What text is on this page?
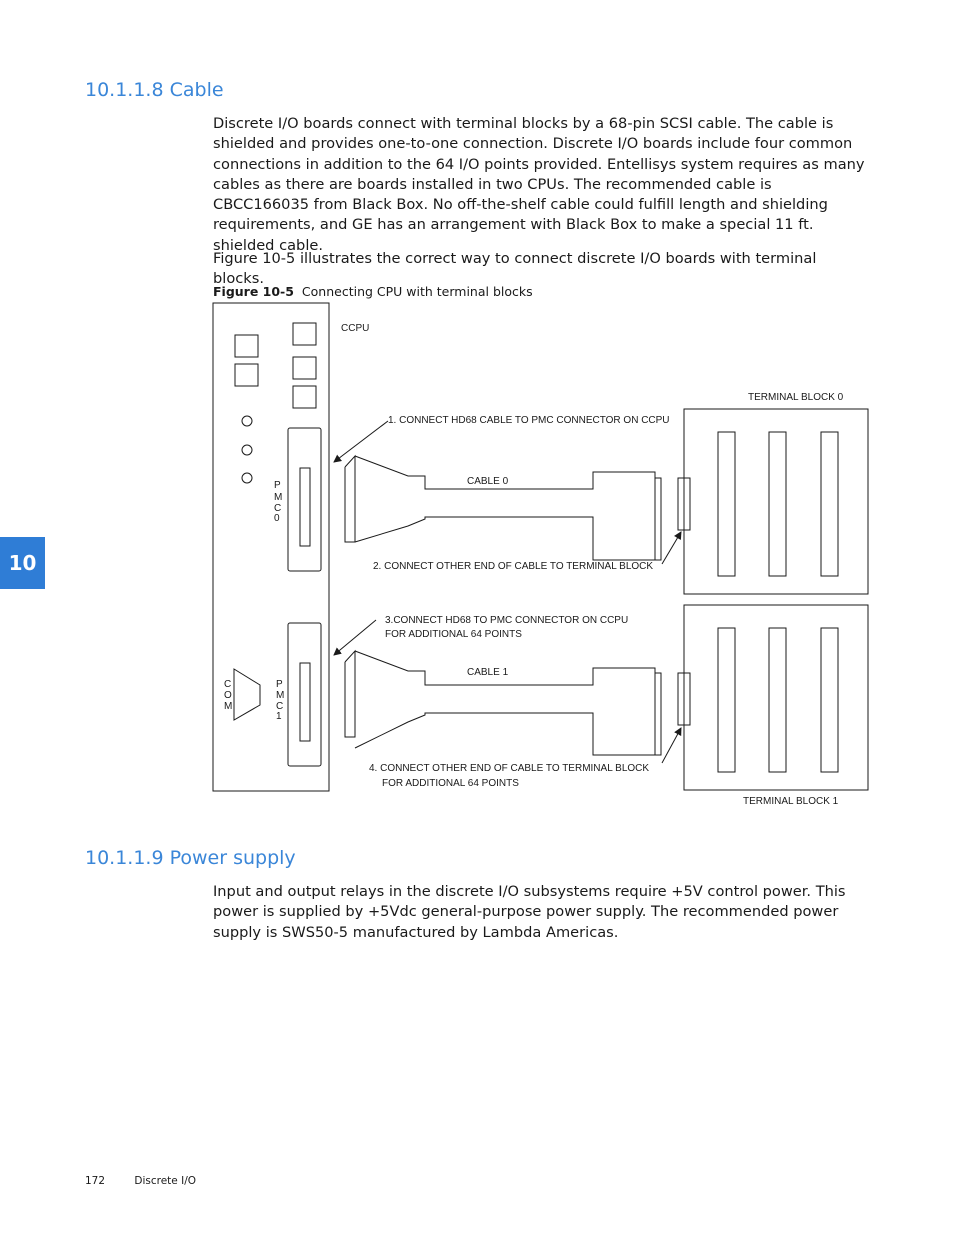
10.1.1.8 Cable

Discrete I/O boards connect with terminal blocks by a 68-pin SCSI cable. The cable is shielded and provides one-to-one connection. Discrete I/O boards include four common connections in addition to the 64 I/O points provided. Entellisys system requires as many cables as there are boards installed in two CPUs. The recommended cable is CBCC166035 from Black Box. No off-the-shelf cable could fulfill length and shielding requirements, and GE has an arrangement with Black Box to make a special 11 ft. shielded cable.

Figure 10-5 illustrates the correct way to connect discrete I/O boards with terminal blocks.

Figure 10-5 Connecting CPU with terminal blocks
10
CCPU
P
M
C
0
P
M
C
1
C
O
M
TERMINAL BLOCK 0
TERMINAL BLOCK 1
1. CONNECT HD68 CABLE TO PMC CONNECTOR ON CCPU
CABLE 0
2. CONNECT OTHER END OF CABLE TO TERMINAL BLOCK
3.CONNECT HD68 TO PMC CONNECTOR ON CCPU
FOR ADDITIONAL 64 POINTS
CABLE 1
4. CONNECT OTHER END OF CABLE TO TERMINAL BLOCK
FOR ADDITIONAL 64 POINTS
10.1.1.9 Power supply

Input and output relays in the discrete I/O subsystems require +5V control power. This power is supplied by +5Vdc general-purpose power supply. The recommended power supply is SWS50-5 manufactured by Lambda Americas.

172	Discrete I/O
